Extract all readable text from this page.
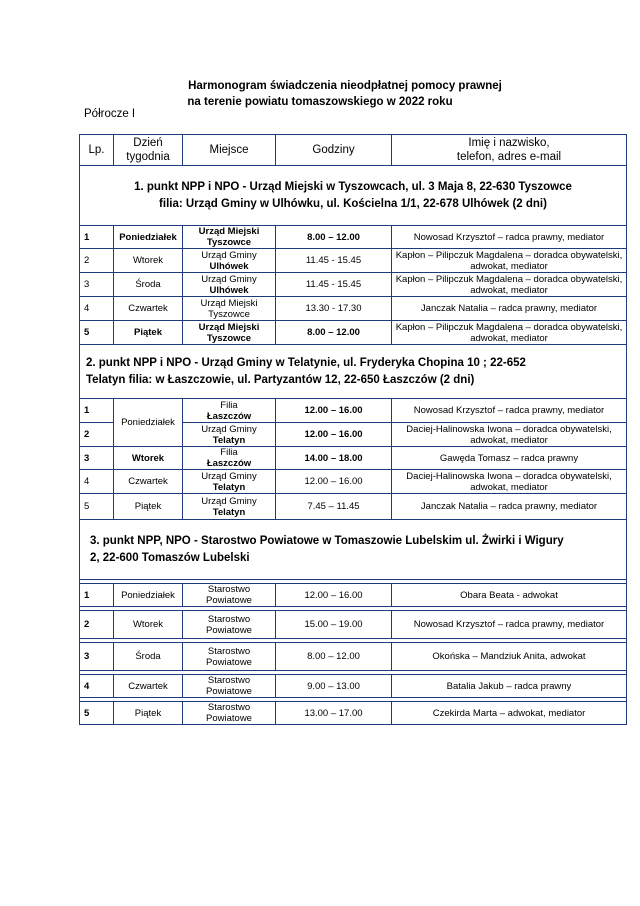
Harmonogram świadczenia nieodpłatnej pomocy prawnej
na terenie powiatu tomaszowskiego w 2022 roku
Półrocze I
Lp.	Dzień
tygodnia	Miejsce	Godziny	Imię i nazwisko,
telefon, adres e-mail
1. punkt NPP i NPO - Urząd Miejski w Tyszowcach, ul. 3 Maja 8, 22-630 Tyszowce
filia: Urząd Gminy w Ulhówku, ul. Kościelna 1/1, 22-678 Ulhówek (2 dni)				
1	Poniedziałek	Urząd Miejski
Tyszowce	8.00 – 12.00	Nowosad Krzysztof – radca prawny, mediator
2	Wtorek	Urząd Gminy
Ulhówek	11.45 - 15.45	Kapłon – Pilipczuk Magdalena – doradca obywatelski, adwokat, mediator
3	Środa	Urząd Gminy
Ulhówek	11.45 - 15.45	Kapłon – Pilipczuk Magdalena – doradca obywatelski, adwokat, mediator
4	Czwartek	Urząd Miejski
Tyszowce	13.30 - 17.30	Janczak Natalia – radca prawny, mediator
5	Piątek	Urząd Miejski
Tyszowce	8.00 – 12.00	Kapłon – Pilipczuk Magdalena – doradca obywatelski, adwokat, mediator
2. punkt NPP i NPO - Urząd Gminy w Telatynie, ul. Fryderyka Chopina 10 ; 22-652
Telatyn filia: w Łaszczowie, ul. Partyzantów 12, 22-650 Łaszczów (2 dni)				
1	Poniedziałek	Filia
Łaszczów	12.00 – 16.00	Nowosad Krzysztof – radca prawny, mediator
2		Urząd Gminy
Telatyn	12.00 – 16.00	Daciej-Halinowska Iwona – doradca obywatelski, adwokat, mediator
3	Wtorek	Filia
Łaszczów	14.00 – 18.00	Gawęda Tomasz – radca prawny
4	Czwartek	Urząd Gminy
Telatyn	12.00 – 16.00	Daciej-Halinowska Iwona – doradca obywatelski, adwokat, mediator
5	Piątek	Urząd Gminy
Telatyn	7.45 – 11.45	Janczak Natalia – radca prawny, mediator
3. punkt NPP, NPO - Starostwo Powiatowe w Tomaszowie Lubelskim ul. Żwirki i Wigury
2, 22-600 Tomaszów Lubelski				

1	Poniedziałek	Starostwo
Powiatowe	12.00 – 16.00	Obara Beata - adwokat

2	Wtorek	Starostwo
Powiatowe	15.00 – 19.00	Nowosad Krzysztof – radca prawny, mediator

3	Środa	Starostwo
Powiatowe	8.00 – 12.00	Okońska – Mandziuk Anita, adwokat

4	Czwartek	Starostwo
Powiatowe	9.00 – 13.00	Batalia Jakub – radca prawny

5	Piątek	Starostwo
Powiatowe	13.00 – 17.00	Czekirda Marta – adwokat, mediator
